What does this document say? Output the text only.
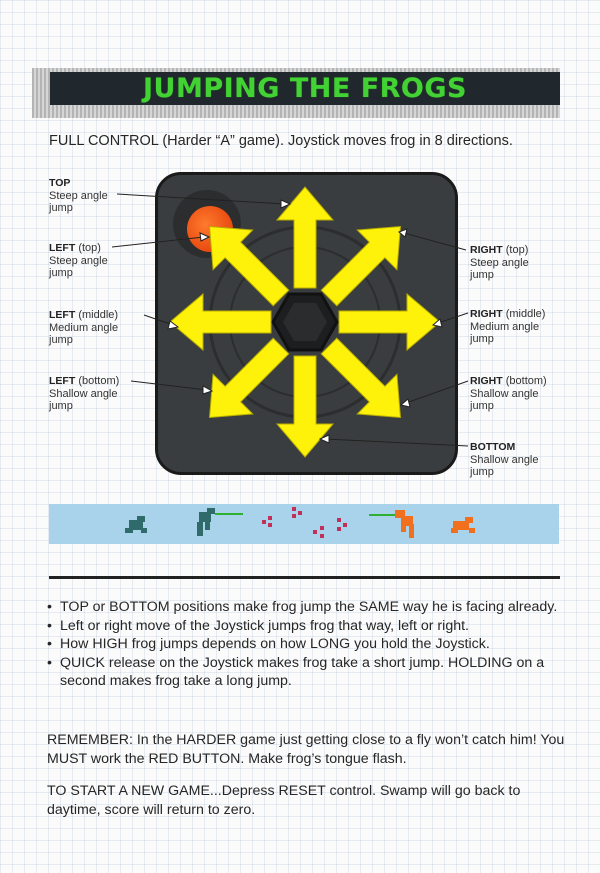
JUMPING THE FROGS
FULL CONTROL (Harder “A” game). Joystick moves frog in 8 directions.
TOP
Steep angle
jump
LEFT (top)
Steep angle
jump
LEFT (middle)
Medium angle
jump
LEFT (bottom)
Shallow angle
jump
RIGHT (top)
Steep angle
jump
RIGHT (middle)
Medium angle
jump
RIGHT (bottom)
Shallow angle
jump
BOTTOM
Shallow angle
jump
• TOP or BOTTOM positions make frog jump the SAME way he is facing already.
• Left or right move of the Joystick jumps frog that way, left or right.
• How HIGH frog jumps depends on how LONG you hold the Joystick.
• QUICK release on the Joystick makes frog take a short jump. HOLDING on a second makes frog take a long jump.

REMEMBER: In the HARDER game just getting close to a fly won’t catch him! You MUST work the RED BUTTON. Make frog’s tongue flash.

TO START A NEW GAME...Depress RESET control. Swamp will go back to daytime, score will return to zero.
